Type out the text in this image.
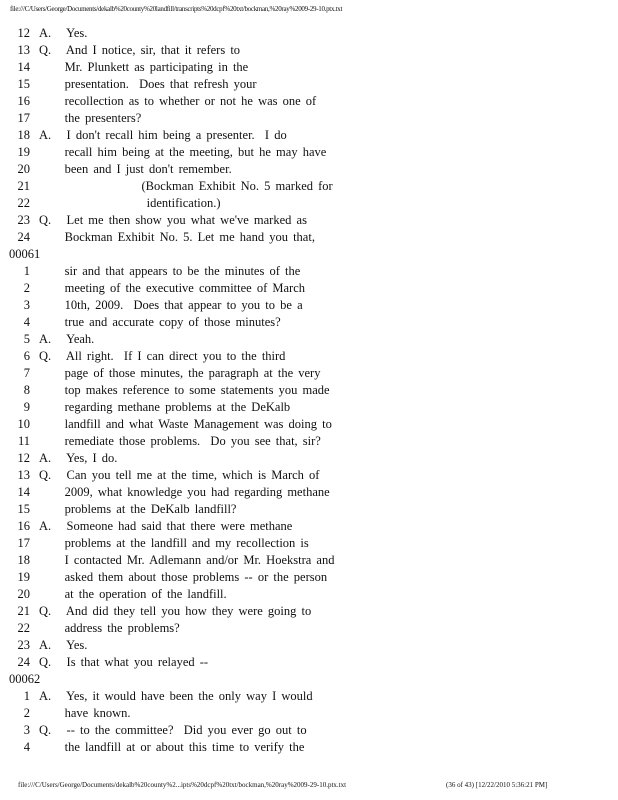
file:///C/Users/George/Documents/dekalb%20county%20landfill/transcripts%20dcpf%20txt/bockman,%20ray%2009-29-10.ptx.txt
12 A.   Yes.
13 Q.   And I notice, sir, that it refers to
14 Mr. Plunkett as participating in the
15 presentation.  Does that refresh your
16 recollection as to whether or not he was one of
17 the presenters?
18 A.   I don't recall him being a presenter.  I do
19 recall him being at the meeting, but he may have
20 been and I just don't remember.
21 (Bockman Exhibit No. 5 marked for
22 identification.)
23 Q.   Let me then show you what we've marked as
24 Bockman Exhibit No. 5. Let me hand you that,
00061
1 sir and that appears to be the minutes of the
2 meeting of the executive committee of March
3 10th, 2009.  Does that appear to you to be a
4 true and accurate copy of those minutes?
5 A.   Yeah.
6 Q.   All right.  If I can direct you to the third
7 page of those minutes, the paragraph at the very
8 top makes reference to some statements you made
9 regarding methane problems at the DeKalb
10 landfill and what Waste Management was doing to
11 remediate those problems.  Do you see that, sir?
12 A.   Yes, I do.
13 Q.   Can you tell me at the time, which is March of
14 2009, what knowledge you had regarding methane
15 problems at the DeKalb landfill?
16 A.   Someone had said that there were methane
17 problems at the landfill and my recollection is
18 I contacted Mr. Adlemann and/or Mr. Hoekstra and
19 asked them about those problems -- or the person
20 at the operation of the landfill.
21 Q.   And did they tell you how they were going to
22 address the problems?
23 A.   Yes.
24 Q.   Is that what you relayed --
00062
1 A.   Yes, it would have been the only way I would
2 have known.
3 Q.   -- to the committee?  Did you ever go out to
4 the landfill at or about this time to verify the
file:///C/Users/George/Documents/dekalb%20county%2...ipts%20dcpf%20txt/bockman,%20ray%2009-29-10.ptx.txt	(36 of 43) [12/22/2010 5:36:21 PM]
